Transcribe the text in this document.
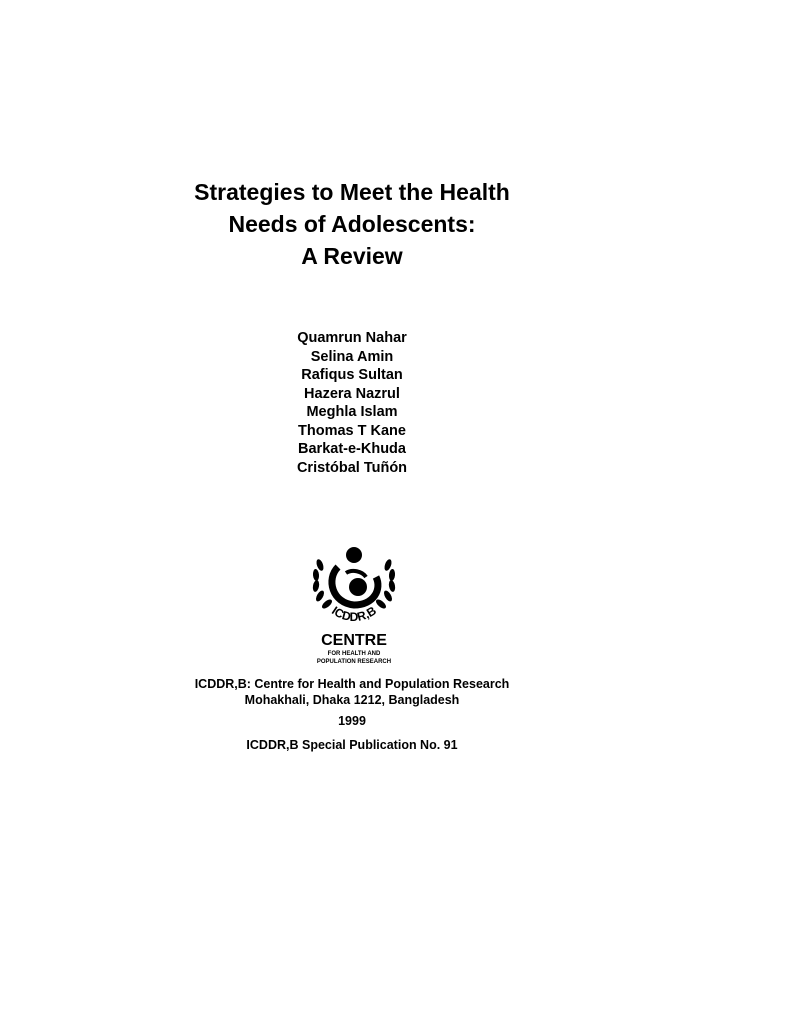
Strategies to Meet the Health
Needs of Adolescents:
A Review
Quamrun Nahar
Selina Amin
Rafiqus Sultan
Hazera Nazrul
Meghla Islam
Thomas T Kane
Barkat-e-Khuda
Cristóbal Tuñón
ICDDR,B
CENTRE
FOR HEALTH AND
POPULATION RESEARCH
ICDDR,B: Centre for Health and Population Research
Mohakhali, Dhaka 1212, Bangladesh
1999
ICDDR,B Special Publication No. 91
